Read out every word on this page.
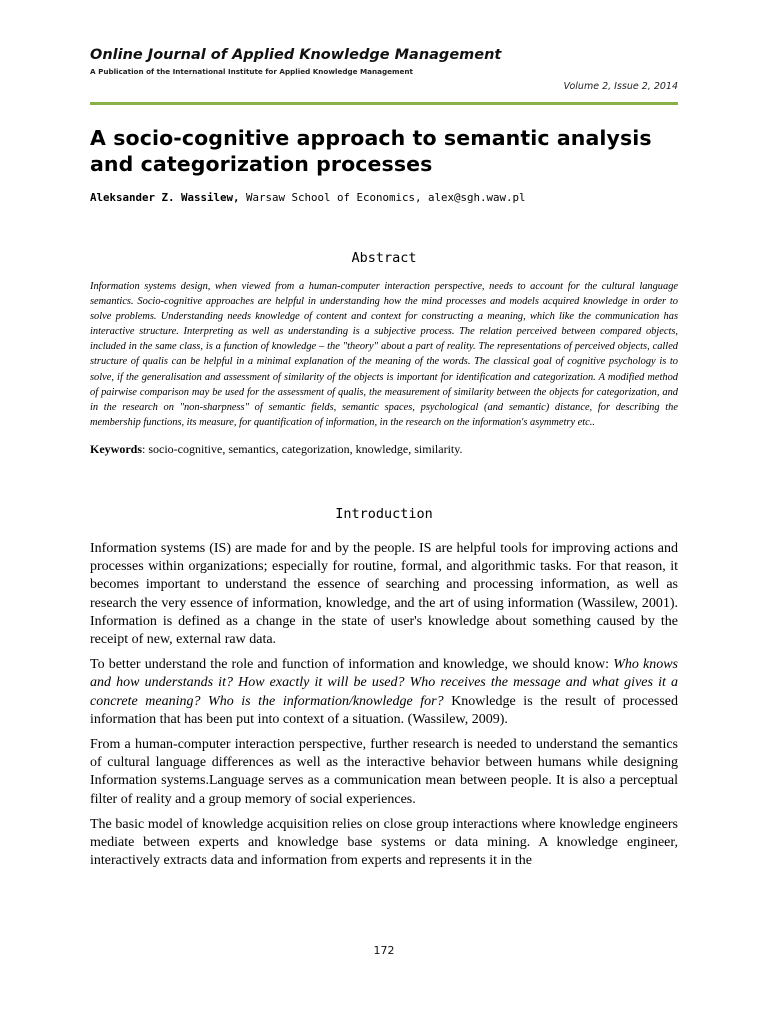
Online Journal of Applied Knowledge Management
A Publication of the International Institute for Applied Knowledge Management
Volume 2, Issue 2, 2014
A socio-cognitive approach to semantic analysis and categorization processes
Aleksander Z. Wassilew, Warsaw School of Economics, alex@sgh.waw.pl
Abstract
Information systems design, when viewed from a human-computer interaction perspective, needs to account for the cultural language semantics. Socio-cognitive approaches are helpful in understanding how the mind processes and models acquired knowledge in order to solve problems. Understanding needs knowledge of content and context for constructing a meaning, which like the communication has interactive structure. Interpreting as well as understanding is a subjective process. The relation perceived between compared objects, included in the same class, is a function of knowledge – the "theory" about a part of reality. The representations of perceived objects, called structure of qualis can be helpful in a minimal explanation of the meaning of the words. The classical goal of cognitive psychology is to solve, if the generalisation and assessment of similarity of the objects is important for identification and categorization. A modified method of pairwise comparison may be used for the assessment of qualis, the measurement of similarity between the objects for categorization, and in the research on "non-sharpness" of semantic fields, semantic spaces, psychological (and semantic) distance, for describing the membership functions, its measure, for quantification of information, in the research on the information's asymmetry etc..
Keywords: socio-cognitive, semantics, categorization, knowledge, similarity.
Introduction

Information systems (IS) are made for and by the people. IS are helpful tools for improving actions and processes within organizations; especially for routine, formal, and algorithmic tasks. For that reason, it becomes important to understand the essence of searching and processing information, as well as research the very essence of information, knowledge, and the art of using information (Wassilew, 2001). Information is defined as a change in the state of user's knowledge about something caused by the receipt of new, external raw data.

To better understand the role and function of information and knowledge, we should know: Who knows and how understands it? How exactly it will be used? Who receives the message and what gives it a concrete meaning? Who is the information/knowledge for? Knowledge is the result of processed information that has been put into context of a situation. (Wassilew, 2009).

From a human-computer interaction perspective, further research is needed to understand the semantics of cultural language differences as well as the interactive behavior between humans while designing Information systems.Language serves as a communication mean between people. It is also a perceptual filter of reality and a group memory of social experiences.

The basic model of knowledge acquisition relies on close group interactions where knowledge engineers mediate between experts and knowledge base systems or data mining. A knowledge engineer, interactively extracts data and information from experts and represents it in the

172
